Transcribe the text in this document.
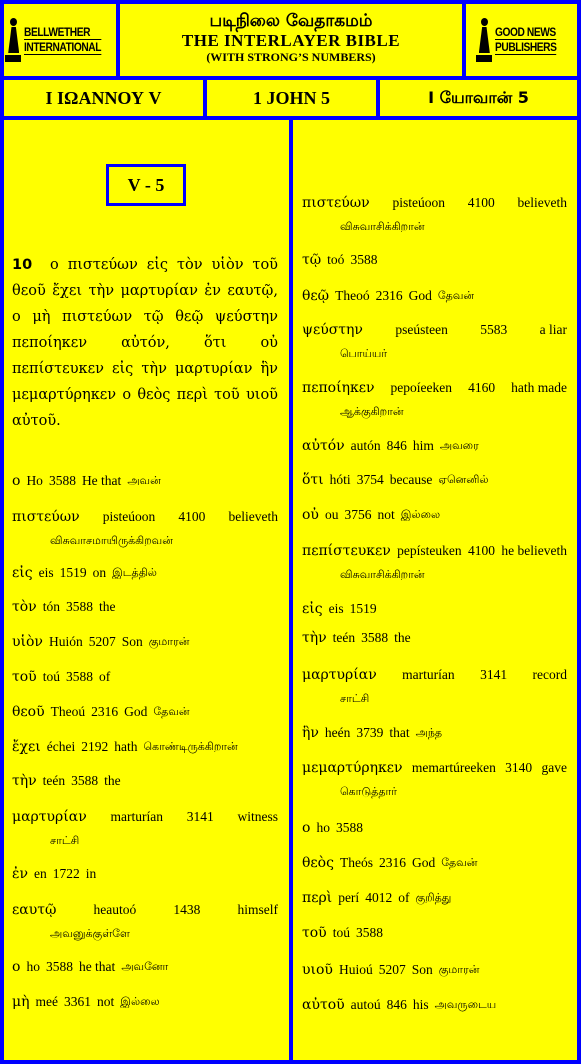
BELLWETHER
INTERNATIONAL
படிநிலை வேதாகமம்
THE INTERLAYER BIBLE
(WITH STRONG’S NUMBERS)
GOOD NEWS
PUBLISHERS
Ι ΙΩΑΝΝΟΥ V	1 JOHN 5	I யோவான் 5
V - 5
10 ο πιστεύων εἰς τὸν υἱὸν τοῦ θεοῦ ἔχει τὴν μαρτυρίαν ἐν εαυτῷ, ο μὴ πιστεύων τῷ θεῷ ψεύστην πεποίηκεν αὐτόν, ὅτι οὐ πεπίστευκεν εἰς τὴν μαρτυρίαν ἣν μεμαρτύρηκεν ο θεὸς περὶ τοῦ υιοῦ αὐτοῦ.
ο Ho 3588 He that அவன்
πιστεύων pisteúoon 4100 believeth
விசுவாசமாயிருக்கிறவன்
εἰς eis 1519 on இடத்தில்
τὸν tón 3588 the
υἱὸν Huión 5207 Son குமாரன்
τοῦ toú 3588 of
θεοῦ Theoú 2316 God தேவன்
ἔχει échei 2192 hath கொண்டிருக்கிறான்
τὴν teén 3588 the
μαρτυρίαν marturían 3141 witness
சாட்சி
ἐν en 1722 in
εαυτῷ	heautoó	1438	himself
அவனுக்குள்ளே
ο ho 3588 he that அவனோ
μὴ meé 3361 not இல்லை
πιστεύων pisteúoon 4100 believeth
விசுவாசிக்கிறான்
τῷ toó 3588
θεῷ Theoó 2316 God தேவன்
ψεύστην pseústeen 5583 a liar
பொய்யர்
πεποίηκεν pepoíeeken 4160 hath made
ஆக்குகிறான்
αὐτόν autón 846 him அவரை
ὅτι hóti 3754 because ஏனெனில்
οὐ ou 3756 not இல்லை
πεπίστευκεν pepísteuken 4100 he believeth
விசுவாசிக்கிறான்
εἰς eis 1519
τὴν teén 3588 the
μαρτυρίαν marturían 3141 record
சாட்சி
ἣν heén 3739 that அந்த
μεμαρτύρηκεν memartúreeken 3140 gave
கொடுத்தார்
ο ho 3588
θεὸς Theós 2316 God தேவன்
περὶ perí 4012 of குறித்து
τοῦ toú 3588
υιοῦ Huioú 5207 Son குமாரன்
αὐτοῦ autoú 846 his அவருடைய
